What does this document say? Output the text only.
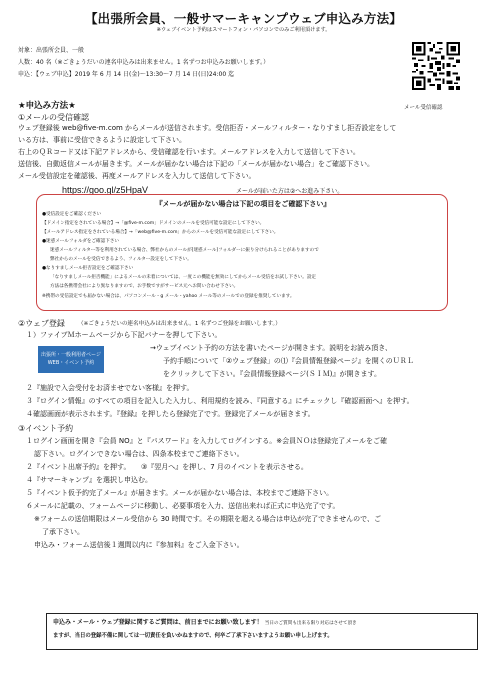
【出張所会員、一般サマーキャンプウェブ申込み方法】
※ウェブイベント予約はスマートフォン・パソコンでのみご利用頂けます。
対象：出張所会員、一般
人数：40 名（※ごきょうだいの連名申込みは出来ません。1 名ずつお申込みお願いします。）
申込：【ウェブ申込】2019 年 6 月 14 日(金)〜13:30〜7 月 14 日(日)24:00 迄
メール受信確認
★申込み方法★
①メールの受信確認
ウェブ登録後 web@five-m.com からメールが送信されます。受信拒否・メールフィルター・なりすまし拒否設定をして
いる方は、事前に受信できるように設定して下さい。
右上のＱＲコード又は下記アドレスから、受信確認を行います。メールアドレスを入力して送信して下さい。
送信後、自動返信メールが届きます。メールが届かない場合は下記の「メールが届かない場合」をご確認下さい。
メール受信設定を確認後、再度メールアドレスを入力して送信して下さい。
https://goo.gl/z5HpaV	メールが届いた方は②へお進み下さい。
『メールが届かない場合は下記の項目をご確認下さい』
●受信設定をご確認ください
【ドメイン指定をされている場合】→「@five-m.com」ドメインのメールを受信可能な設定にして下さい。
【メールアドレス指定をされている場合】→「web@five-m.com」からのメールを受信可能な設定にして下さい。
●迷惑メールフォルダをご確認下さい
迷惑メールフィルター等を利用されている場合、弊社からのメールが[迷惑メール]フォルダーに振り分けられることがありますので
弊社からのメールを受信できるよう、フィルター設定をして下さい。
●なりすましメール拒否設定をご確認下さい
「なりすましメール拒否機能」によるメールの未着については、一度この機能を無効にしてからメール受信をお試し下さい。設定
方法は各携帯会社により異なりますので、お手数ですがサービス元へお問い合わせ下さい。
※携帯の受信設定でも届かない場合は、パソコンメール・g メール・yahoo メール等のメールでの登録を推奨しています。
②ウェブ登録 （※ごきょうだいの連名申込みは出来ません。1 名ずつご登録をお願いします。）
１）ファイブＭホームページから下記バナーを押して下さい。
出張所・一般利用者ページ
WEB・イベント予約
→ウェブイベント予約の方法を書いたページが開きます。説明をお読み頂き、
予約手順について「②ウェブ登録」の⑴『会員情報登録ページ』を開くのＵＲＬ
をクリックして下さい。『会員情報登録ページ(ＳＩＭ)』が開きます。
２『施設で入会受付をお済ませでない客様』を押す。
３『ログイン情報』のすべての項目を記入した入力し、利用規約を読み、『同意する』にチェックし『確認画面へ』を押す。
４確認画面が表示されます。『登録』を押したら登録完了です。登録完了メールが届きます。
③イベント予約
１ログイン画面を開き『会員 NO』と『パスワード』を入力してログインする。※会員ＮＯは登録完了メールをご確
認下さい。ログインできない場合は、四条本校までご連絡下さい。
２『イベント出席予約』を押す。　　③『翌月へ』を押し、7 月のイベントを表示させる。
４『サマーキャンプ』を選択し申込む。
５『イベント仮予約完了メール』が届きます。メールが届かない場合は、本校までご連絡下さい。
６メールに記載の、フォームページに移動し、必要事項を入力、送信出来れば正式に申込完了です。
※フォームの送信期限はメール受信から 30 時間です。その期限を超える場合は申込が完了できませんので、ご
了承下さい。
申込み・フォーム送信後１週間以内に『参加料』をご入金下さい。
申込み・メール・ウェブ登録に関するご質問は、前日までにお願い致します！ 当日のご質問も出来る限り対応はさせて頂き
ますが、当日の登録不備に関しては一切責任を負いかねますので、何卒ご了承下さいますようお願い申し上げます。
